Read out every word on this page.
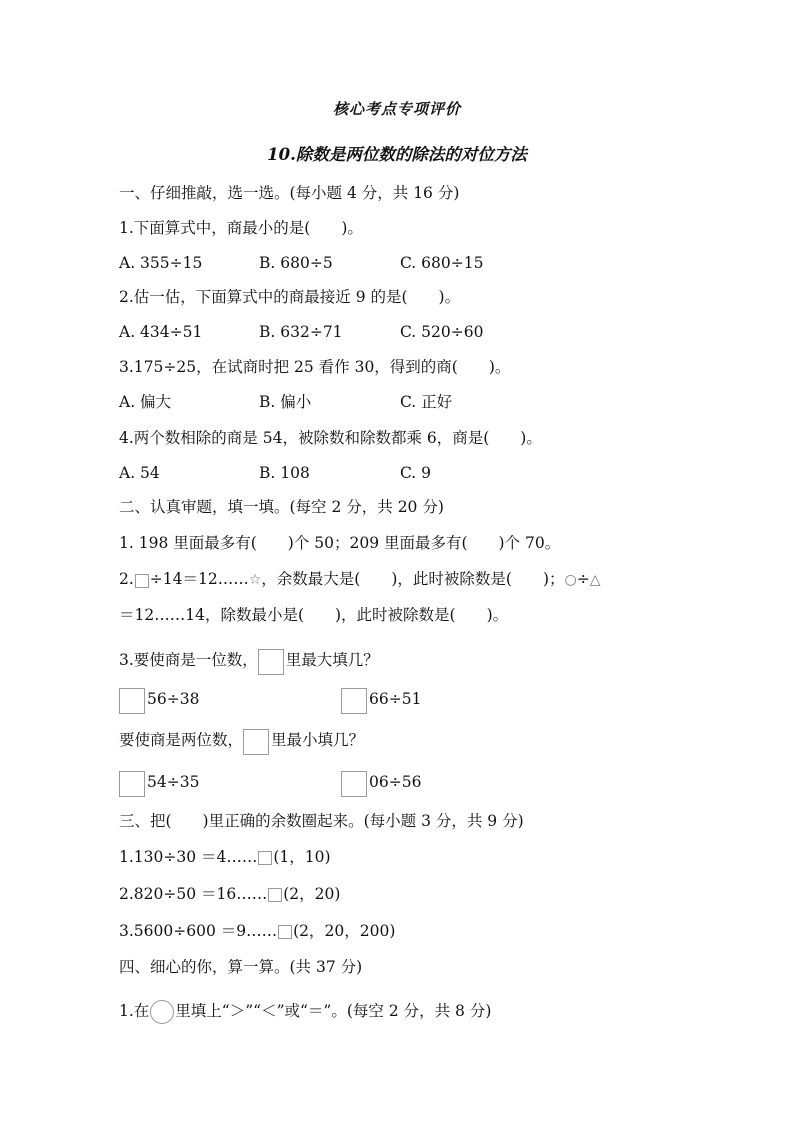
核心考点专项评价
10.除数是两位数的除法的对位方法
一、仔细推敲，选一选。(每小题 4 分，共 16 分)
1.下面算式中，商最小的是(　　)。
A. 355÷15	B. 680÷5	C. 680÷15
2.估一估，下面算式中的商最接近 9 的是(　　)。
A. 434÷51	B. 632÷71	C. 520÷60
3.175÷25，在试商时把 25 看作 30，得到的商(　　)。
A. 偏大	B. 偏小	C. 正好
4.两个数相除的商是 54，被除数和除数都乘 6，商是(　　)。
A. 54	B. 108	C. 9
二、认真审题，填一填。(每空 2 分，共 20 分)
1. 198 里面最多有(　　)个 50；209 里面最多有(　　)个 70。
2. ÷14＝12……☆，余数最大是(　　)，此时被除数是(　　)；○÷△
＝12……14，除数最小是(　　)，此时被除数是(　　)。
3.要使商是一位数， 里最大填几？
56÷38	66÷51
要使商是两位数， 里最小填几？
54÷35	06÷56
三、把(　　)里正确的余数圈起来。(每小题 3 分，共 9 分)
1.130÷30 ＝4…… (1，10)
2.820÷50 ＝16…… (2，20)
3.5600÷600 ＝9…… (2，20，200)
四、细心的你，算一算。(共 37 分)
1.在 里填上“＞”“＜”或“＝”。(每空 2 分，共 8 分)
